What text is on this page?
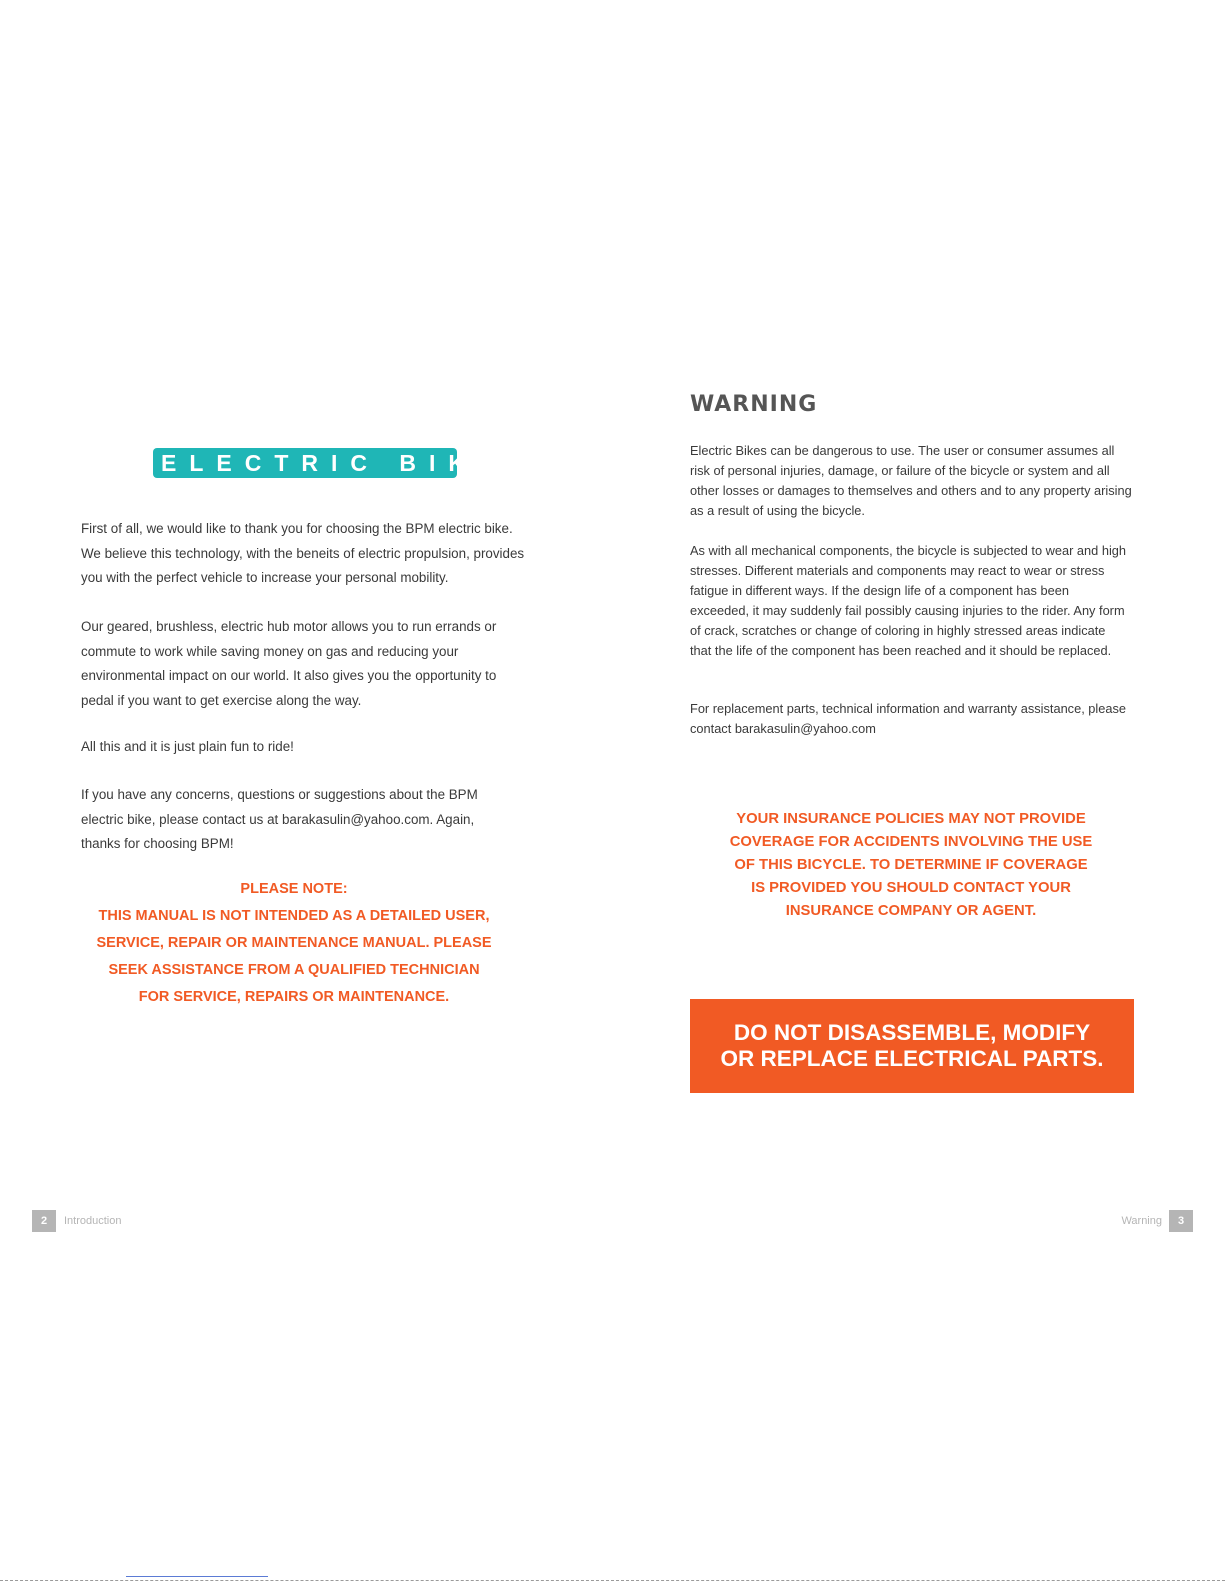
ELECTRIC BIKES

First of all, we would like to thank you for choosing the BPM electric bike. We believe this technology, with the beneits of electric propulsion, provides you with the perfect vehicle to increase your personal mobility.

Our geared, brushless, electric hub motor allows you to run errands or commute to work while saving money on gas and reducing your environmental impact on our world. It also gives you the opportunity to pedal if you want to get exercise along the way.

All this and it is just plain fun to ride!

If you have any concerns, questions or suggestions about the BPM electric bike, please contact us at barakasulin@yahoo.com. Again, thanks for choosing BPM!

PLEASE NOTE:
THIS MANUAL IS NOT INTENDED AS A DETAILED USER,
SERVICE, REPAIR OR MAINTENANCE MANUAL. PLEASE
SEEK ASSISTANCE FROM A QUALIFIED TECHNICIAN
FOR SERVICE, REPAIRS OR MAINTENANCE.
2	Introduction
WARNING

Electric Bikes can be dangerous to use. The user or consumer assumes all risk of personal injuries, damage, or failure of the bicycle or system and all other losses or damages to themselves and others and to any property arising as a result of using the bicycle.

As with all mechanical components, the bicycle is subjected to wear and high stresses. Different materials and components may react to wear or stress fatigue in different ways. If the design life of a component has been exceeded, it may suddenly fail possibly causing injuries to the rider. Any form of crack, scratches or change of coloring in highly stressed areas indicate that the life of the component has been reached and it should be replaced.

For replacement parts, technical information and warranty assistance, please contact barakasulin@yahoo.com

YOUR INSURANCE POLICIES MAY NOT PROVIDE
COVERAGE FOR ACCIDENTS INVOLVING THE USE
OF THIS BICYCLE. TO DETERMINE IF COVERAGE
IS PROVIDED YOU SHOULD CONTACT YOUR
INSURANCE COMPANY OR AGENT.
DO NOT DISASSEMBLE, MODIFY
OR REPLACE ELECTRICAL PARTS.
Warning	3
